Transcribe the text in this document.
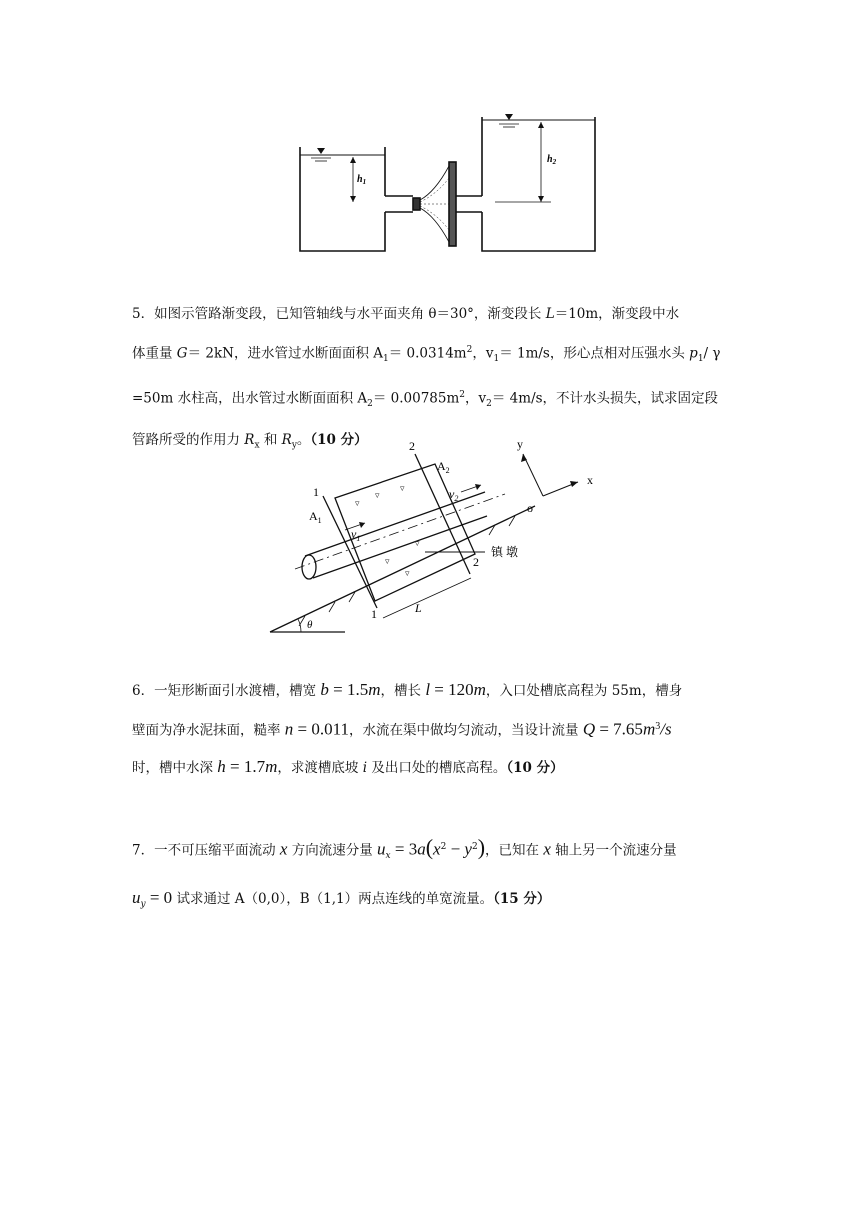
$h_1$
$h_2$
5．如图示管路渐变段，已知管轴线与水平面夹角 θ＝30°，渐变段长 L＝10m，渐变段中水
体重量 G＝ 2kN，进水管过水断面面积 $A_1= 0.0314m^2$，$v_1= 1m/s$，形心点相对压强水头 $p_1/$ γ
=50m 水柱高，出水管过水断面面积 $A_2= 0.00785m^2$，$v_2= 4m/s$，不计水头损失，试求固定段
管路所受的作用力 $R_x$ 和 $R_y$。（10 分）
▿
▿
▿
▿
▿
▿
1
2
1
2
$A_1$
$A_2$
$v_1$
$v_2$
y
x
o
L
θ
镇 墩
6．一矩形断面引水渡槽，槽宽 b = 1.5m，槽长 l = 120m，入口处槽底高程为 55m，槽身
壁面为净水泥抹面，糙率 n = 0.011，水流在渠中做均匀流动，当设计流量 $Q = 7.65m^3/s$
时，槽中水深 h = 1.7m，求渡槽底坡 i 及出口处的槽底高程。（10 分）
7．一不可压缩平面流动 x 方向流速分量 $u_x = 3a(x^2 - y^2)$，已知在 x 轴上另一个流速分量
$u_y = 0$ 试求通过 A（0,0），B（1,1）两点连线的单宽流量。（15 分）
